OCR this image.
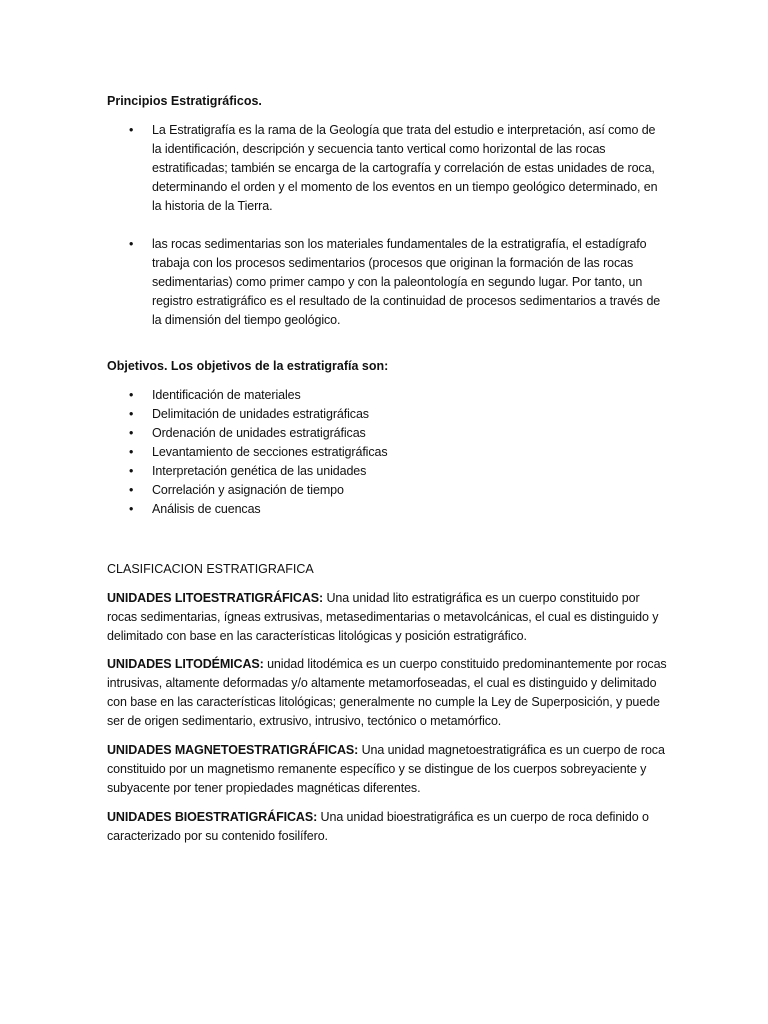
Principios Estratigráficos.
• La Estratigrafía es la rama de la Geología que trata del estudio e interpretación, así como de la identificación, descripción y secuencia tanto vertical como horizontal de las rocas estratificadas; también se encarga de la cartografía y correlación de estas unidades de roca, determinando el orden y el momento de los eventos en un tiempo geológico determinado, en la historia de la Tierra.
• las rocas sedimentarias son los materiales fundamentales de la estratigrafía, el estadígrafo trabaja con los procesos sedimentarios (procesos que originan la formación de las rocas sedimentarias) como primer campo y con la paleontología en segundo lugar. Por tanto, un registro estratigráfico es el resultado de la continuidad de procesos sedimentarios a través de la dimensión del tiempo geológico.
Objetivos. Los objetivos de la estratigrafía son:
• Identificación de materiales
• Delimitación de unidades estratigráficas
• Ordenación de unidades estratigráficas
• Levantamiento de secciones estratigráficas
• Interpretación genética de las unidades
• Correlación y asignación de tiempo
• Análisis de cuencas
CLASIFICACION ESTRATIGRAFICA
UNIDADES LITOESTRATIGRÁFICAS: Una unidad lito estratigráfica es un cuerpo constituido por rocas sedimentarias, ígneas extrusivas, metasedimentarias o metavolcánicas, el cual es distinguido y delimitado con base en las características litológicas y posición estratigráfico.
UNIDADES LITODÉMICAS: unidad litodémica es un cuerpo constituido predominantemente por rocas intrusivas, altamente deformadas y/o altamente metamorfoseadas, el cual es distinguido y delimitado con base en las características litológicas; generalmente no cumple la Ley de Superposición, y puede ser de origen sedimentario, extrusivo, intrusivo, tectónico o metamórfico.
UNIDADES MAGNETOESTRATIGRÁFICAS: Una unidad magnetoestratigráfica es un cuerpo de roca constituido por un magnetismo remanente específico y se distingue de los cuerpos sobreyaciente y subyacente por tener propiedades magnéticas diferentes.
UNIDADES BIOESTRATIGRÁFICAS: Una unidad bioestratigráfica es un cuerpo de roca definido o caracterizado por su contenido fosilífero.
